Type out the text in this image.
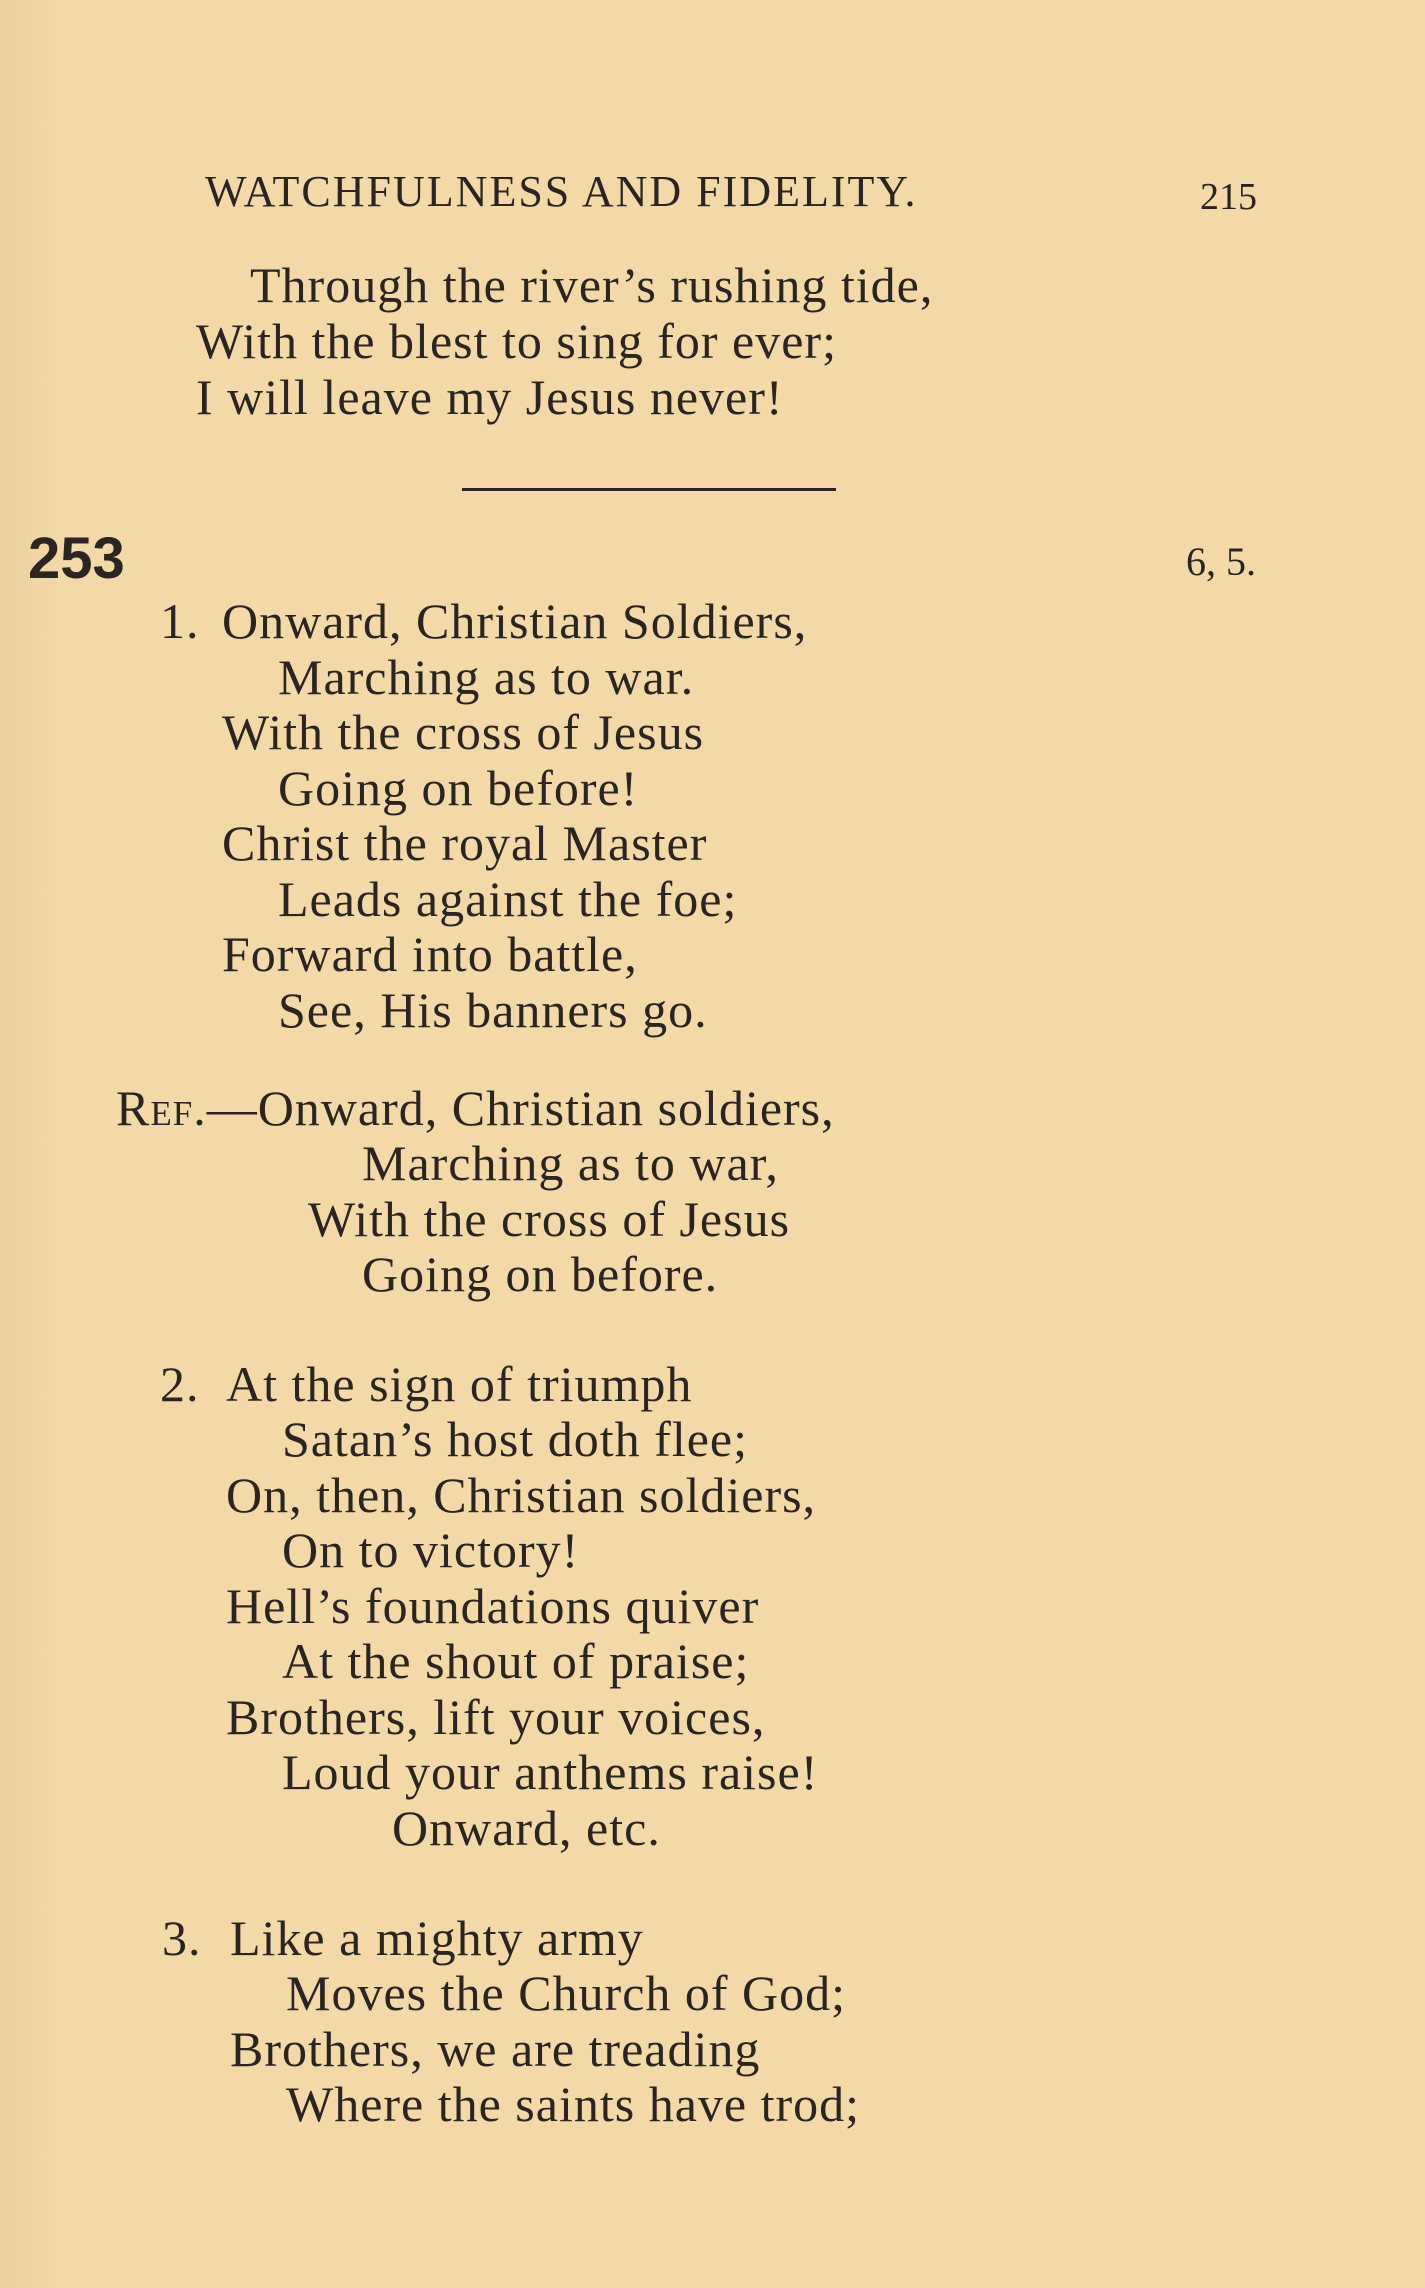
WATCHFULNESS AND FIDELITY.	215
Through the river’s rushing tide,
With the blest to sing for ever;
I will leave my Jesus never!
253	6, 5.
1. Onward, Christian Soldiers,
Marching as to war.
With the cross of Jesus
Going on before!
Christ the royal Master
Leads against the foe;
Forward into battle,
See, His banners go.
Ref.—Onward, Christian soldiers,
Marching as to war,
With the cross of Jesus
Going on before.
2. At the sign of triumph
Satan’s host doth flee;
On, then, Christian soldiers,
On to victory!
Hell’s foundations quiver
At the shout of praise;
Brothers, lift your voices,
Loud your anthems raise!
Onward, etc.
3. Like a mighty army
Moves the Church of God;
Brothers, we are treading
Where the saints have trod;
